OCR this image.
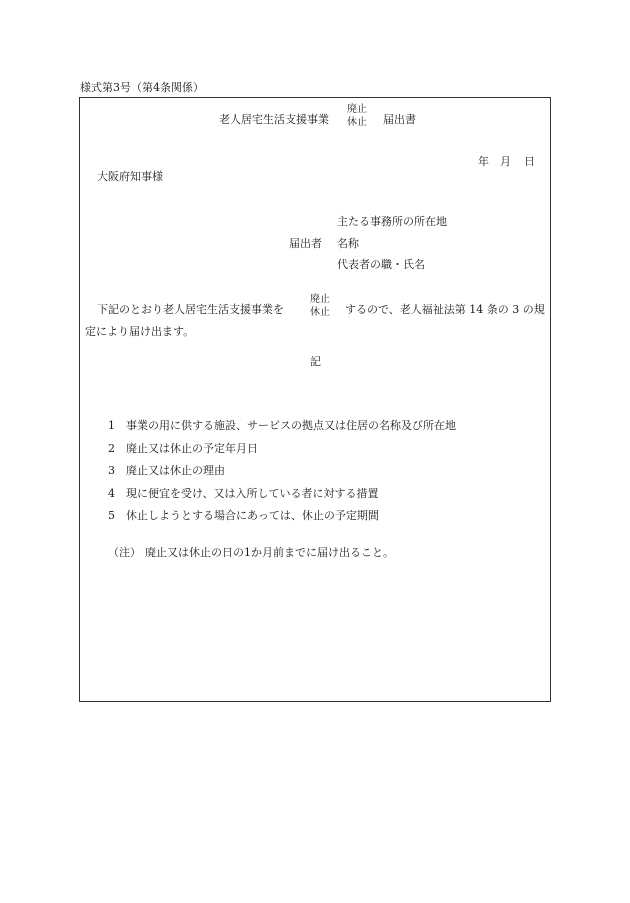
様式第3号（第4条関係）
老人居宅生活支援事業
廃止
休止 届出書
年 月 日
大阪府知事様
主たる事務所の所在地
届出者 名称
代表者の職・氏名
下記のとおり老人居宅生活支援事業を
廃止
休止 するので、老人福祉法第 14 条の 3 の規
定により届け出ます。
記
1	事業の用に供する施設、サービスの拠点又は住居の名称及び所在地
2	廃止又は休止の予定年月日
3	廃止又は休止の理由
4	現に便宜を受け、又は入所している者に対する措置
5	休止しようとする場合にあっては、休止の予定期間
（注） 廃止又は休止の日の1か月前までに届け出ること。
